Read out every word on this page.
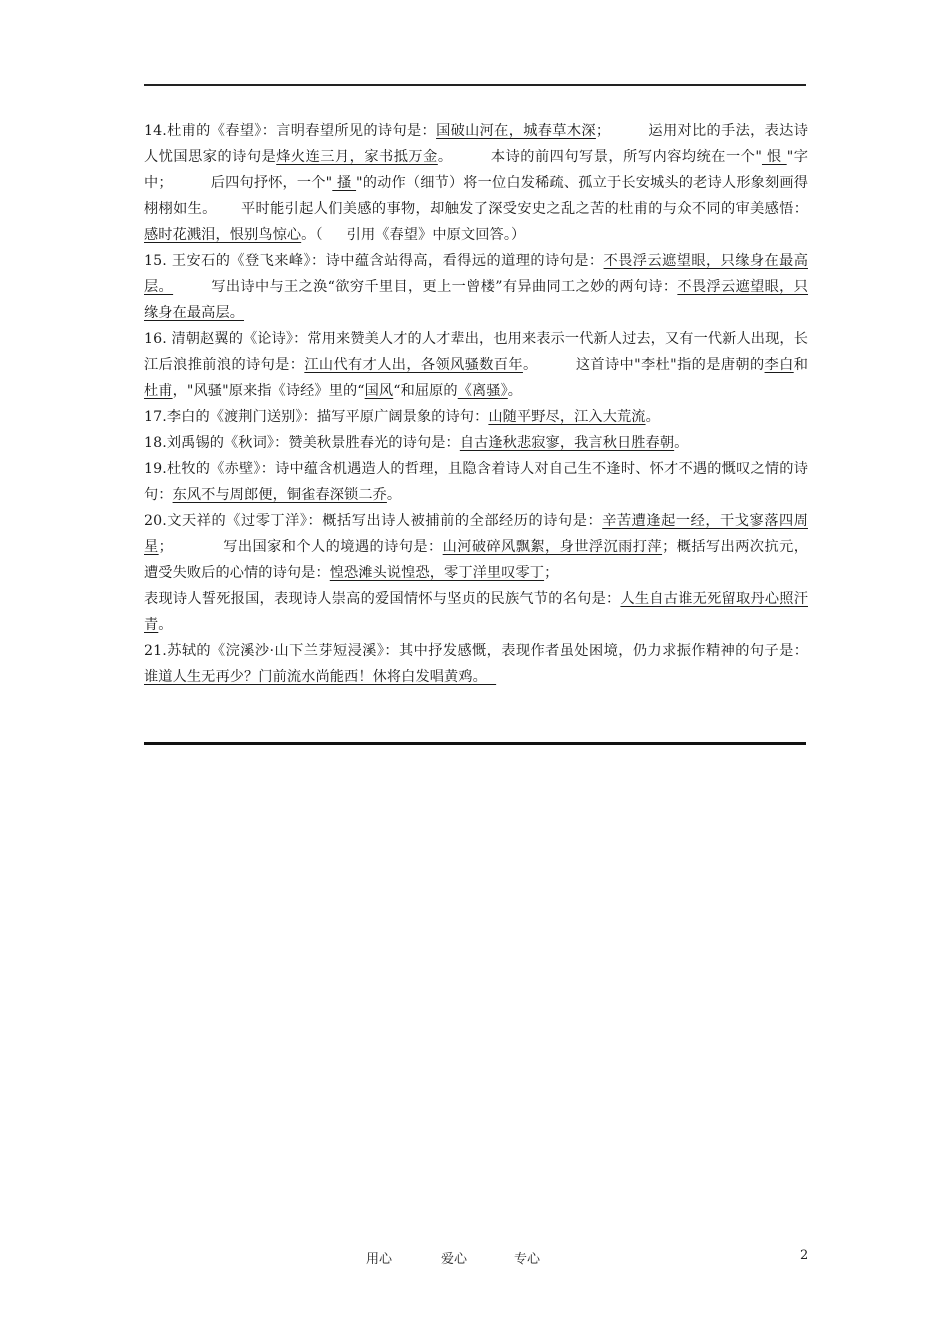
14.杜甫的《春望》：言明春望所见的诗句是：国破山河在，城春草木深；	运用对比的手法，表达诗人忧国思家的诗句是烽火连三月，家书抵万金。	本诗的前四句写景，所写内容均统在一个" 恨 "字中；	后四句抒怀，一个" 搔 "的动作（细节）将一位白发稀疏、孤立于长安城头的老诗人形象刻画得栩栩如生。 平时能引起人们美感的事物，却触发了深受安史之乱之苦的杜甫的与众不同的审美感悟： 感时花溅泪，恨别鸟惊心。（ 引用《春望》中原文回答。）

15. 王安石的《登飞来峰》：诗中蕴含站得高，看得远的道理的诗句是：不畏浮云遮望眼，只缘身在最高层。	写出诗中与王之涣“欲穷千里目，更上一曾楼”有异曲同工之妙的两句诗：不畏浮云遮望眼，只缘身在最高层。

16. 清朝赵翼的《论诗》：常用来赞美人才的人才辈出，也用来表示一代新人过去，又有一代新人出现，长江后浪推前浪的诗句是：江山代有才人出，各领风骚数百年。	这首诗中"李杜"指的是唐朝的李白和杜甫，"风骚"原来指《诗经》里的“国风“和屈原的《离骚》。

17.李白的《渡荆门送别》：描写平原广阔景象的诗句：山随平野尽，江入大荒流。

18.刘禹锡的《秋词》：赞美秋景胜春光的诗句是：自古逢秋悲寂寥，我言秋日胜春朝。

19.杜牧的《赤壁》：诗中蕴含机遇造人的哲理，且隐含着诗人对自己生不逢时、怀才不遇的慨叹之情的诗句：东风不与周郎便，铜雀春深锁二乔。

20.文天祥的《过零丁洋》：概括写出诗人被捕前的全部经历的诗句是：辛苦遭逢起一经，干戈寥落四周星；	写出国家和个人的境遇的诗句是：山河破碎风飘絮，身世浮沉雨打萍；概括写出两次抗元，遭受失败后的心情的诗句是：惶恐滩头说惶恐，零丁洋里叹零丁；
表现诗人誓死报国，表现诗人崇高的爱国情怀与坚贞的民族气节的名句是：人生自古谁无死留取丹心照汗青。

21.苏轼的《浣溪沙·山下兰芽短浸溪》：其中抒发感慨，表现作者虽处困境，仍力求振作精神的句子是：谁道人生无再少？门前流水尚能西！休将白发唱黄鸡。

用心	爱心	专心	2
